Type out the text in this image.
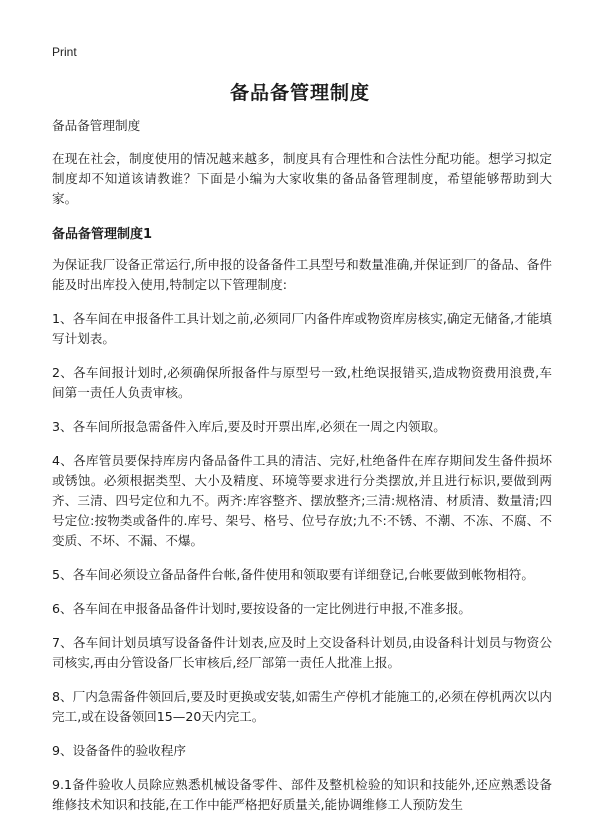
Print
备品备管理制度

备品备管理制度

在现在社会，制度使用的情况越来越多，制度具有合理性和合法性分配功能。想学习拟定制度却不知道该请教谁？下面是小编为大家收集的备品备管理制度，希望能够帮助到大家。

备品备管理制度1

为保证我厂设备正常运行,所申报的设备备件工具型号和数量准确,并保证到厂的备品、备件能及时出库投入使用,特制定以下管理制度:

1、各车间在申报备件工具计划之前,必须同厂内备件库或物资库房核实,确定无储备,才能填写计划表。

2、各车间报计划时,必须确保所报备件与原型号一致,杜绝误报错买,造成物资费用浪费,车间第一责任人负责审核。

3、各车间所报急需备件入库后,要及时开票出库,必须在一周之内领取。

4、各库管员要保持库房内备品备件工具的清洁、完好,杜绝备件在库存期间发生备件损坏或锈蚀。必须根据类型、大小及精度、环境等要求进行分类摆放,并且进行标识,要做到两齐、三清、四号定位和九不。两齐:库容整齐、摆放整齐;三清:规格清、材质清、数量清;四号定位:按物类或备件的.库号、架号、格号、位号存放;九不:不锈、不潮、不冻、不腐、不变质、不坏、不漏、不爆。

5、各车间必须设立备品备件台帐,备件使用和领取要有详细登记,台帐要做到帐物相符。

6、各车间在申报备品备件计划时,要按设备的一定比例进行申报,不准多报。

7、各车间计划员填写设备备件计划表,应及时上交设备科计划员,由设备科计划员与物资公司核实,再由分管设备厂长审核后,经厂部第一责任人批准上报。

8、厂内急需备件领回后,要及时更换或安装,如需生产停机才能施工的,必须在停机两次以内完工,或在设备领回15—20天内完工。

9、设备备件的验收程序

9.1备件验收人员除应熟悉机械设备零件、部件及整机检验的知识和技能外,还应熟悉设备维修技术知识和技能,在工作中能严格把好质量关,能协调维修工人预防发生
